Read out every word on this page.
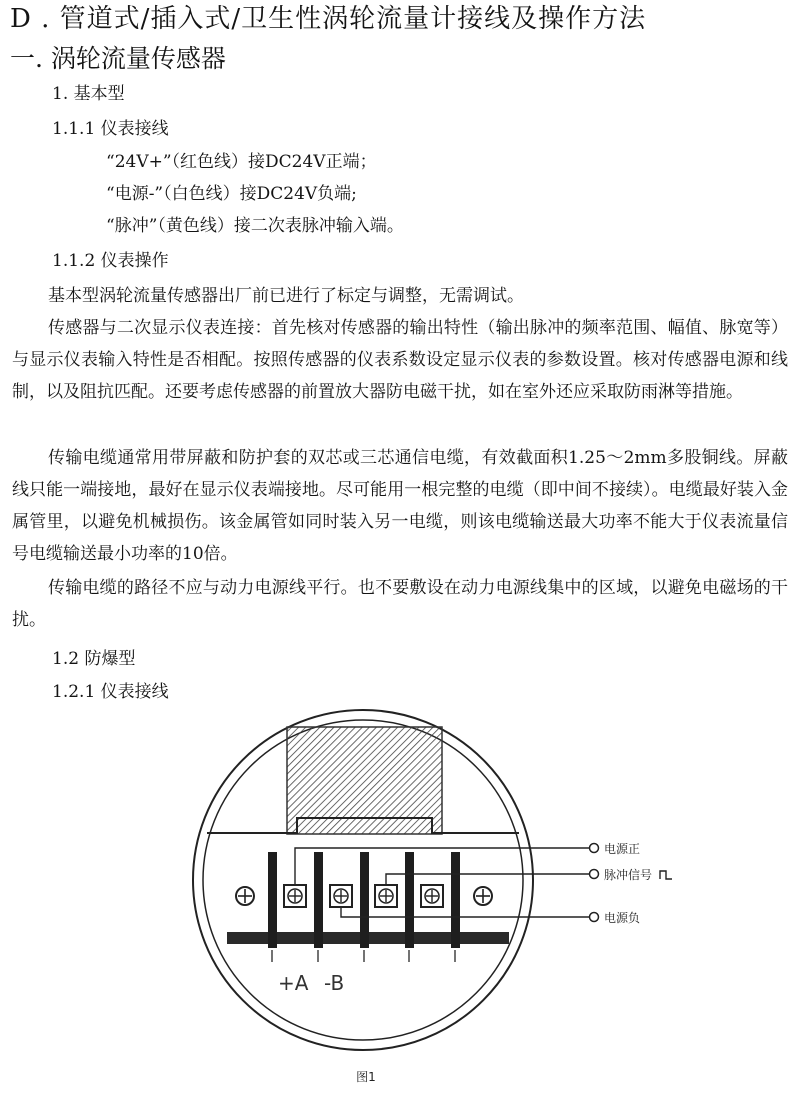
D . 管道式/插入式/卫生性涡轮流量计接线及操作方法
一. 涡轮流量传感器
1. 基本型
1.1.1 仪表接线
“24V+”（红色线）接DC24V正端；
“电源-”（白色线）接DC24V负端;
“脉冲”（黄色线）接二次表脉冲输入端。
1.1.2 仪表操作

基本型涡轮流量传感器出厂前已进行了标定与调整，无需调试。

传感器与二次显示仪表连接：首先核对传感器的输出特性（输出脉冲的频率范围、幅值、脉宽等）与显示仪表输入特性是否相配。按照传感器的仪表系数设定显示仪表的参数设置。核对传感器电源和线制，以及阻抗匹配。还要考虑传感器的前置放大器防电磁干扰，如在室外还应采取防雨淋等措施。

传输电缆通常用带屏蔽和防护套的双芯或三芯通信电缆，有效截面积1.25～2mm多股铜线。屏蔽线只能一端接地，最好在显示仪表端接地。尽可能用一根完整的电缆（即中间不接续）。电缆最好装入金属管里，以避免机械损伤。该金属管如同时装入另一电缆，则该电缆输送最大功率不能大于仪表流量信号电缆输送最小功率的10倍。

传输电缆的路径不应与动力电源线平行。也不要敷设在动力电源线集中的区域，以避免电磁场的干扰。

1.2 防爆型
1.2.1 仪表接线
电源正
脉冲信号
电源负
+A -B
图1
